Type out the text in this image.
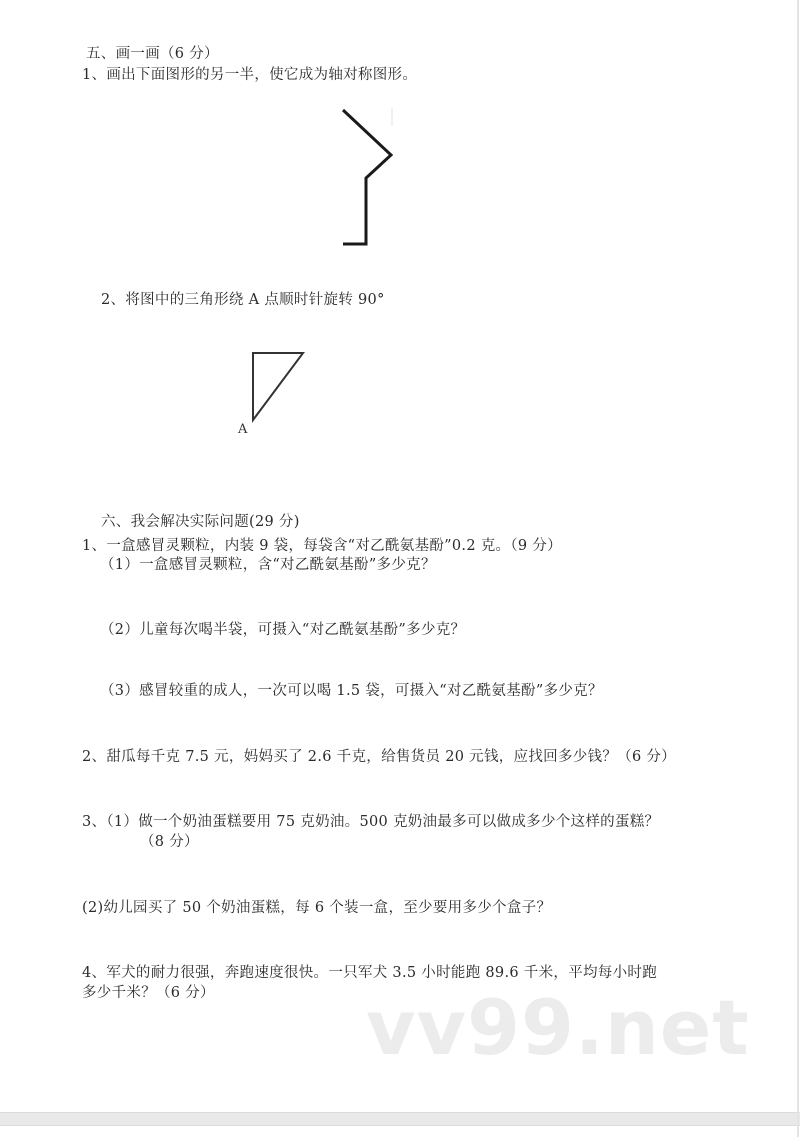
五、画一画（6 分）
1、画出下面图形的另一半，使它成为轴对称图形。
2、将图中的三角形绕 A 点顺时针旋转 90°
A
六、我会解决实际问题(29 分)
1、一盒感冒灵颗粒，内装 9 袋，每袋含“对乙酰氨基酚”0.2 克。（9 分）
（1）一盒感冒灵颗粒，含“对乙酰氨基酚”多少克？
（2）儿童每次喝半袋，可摄入“对乙酰氨基酚”多少克？
（3）感冒较重的成人，一次可以喝 1.5 袋，可摄入“对乙酰氨基酚”多少克？
2、甜瓜每千克 7.5 元，妈妈买了 2.6 千克，给售货员 20 元钱，应找回多少钱？（6 分）
3、（1）做一个奶油蛋糕要用 75 克奶油。500 克奶油最多可以做成多少个这样的蛋糕？
（8 分）
(2)幼儿园买了 50 个奶油蛋糕，每 6 个装一盒，至少要用多少个盒子？
4、军犬的耐力很强，奔跑速度很快。一只军犬 3.5 小时能跑 89.6 千米，平均每小时跑
多少千米？（6 分） vv99.net
